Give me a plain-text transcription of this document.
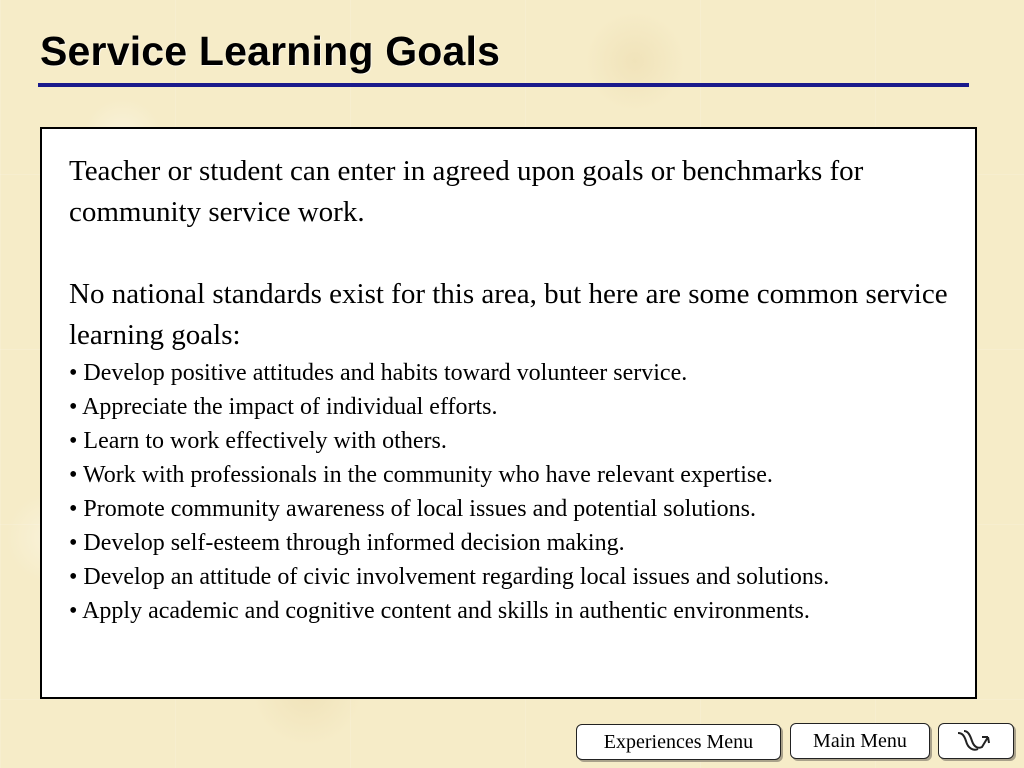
Service Learning Goals

Teacher or student can enter in agreed upon goals or benchmarks for community service work.

No national standards exist for this area, but here are some common service learning goals:

• Develop positive attitudes and habits toward volunteer service.
• Appreciate the impact of individual efforts.
• Learn to work effectively with others.
• Work with professionals in the community who have relevant expertise.
• Promote community awareness of local issues and potential solutions.
• Develop self-esteem through informed decision making.
• Develop an attitude of civic involvement regarding local issues and solutions.
• Apply academic and cognitive content and skills in authentic environments.
Experiences Menu	Main Menu
